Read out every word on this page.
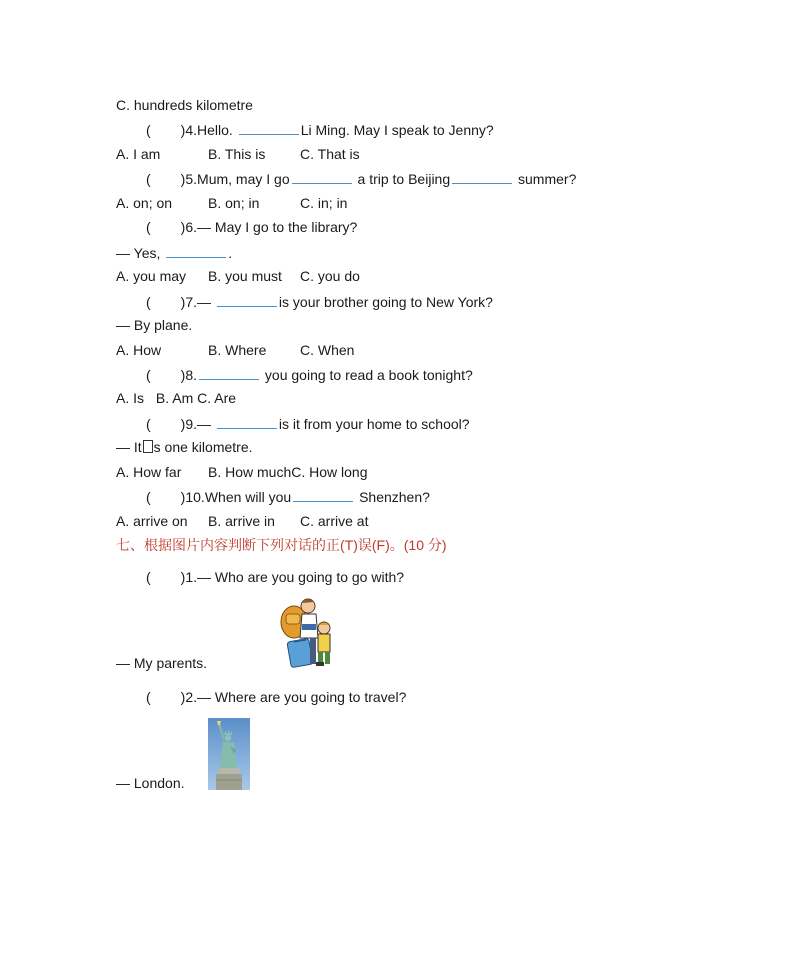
C. hundreds kilometre
( )4.Hello.	Li Ming. May I speak to Jenny?
A. I am	B. This is C. That is
( )5.Mum, may I go	a trip to Beijing	summer?
A. on; on	B. on; in	C. in; in
( )6.— May I go to the library?
— Yes,	.
A. you may B. you must C. you do
( )7.—	is your brother going to New York?
— By plane.
A. How	B. Where C. When
( )8.	you going to read a book tonight?
A. Is B. Am C. Are
( )9.—	is it from your home to school?
— It s one kilometre.
A. How far B. How muchC. How long
( )10.When will you	Shenzhen?
A. arrive on B. arrive in C. arrive at
七、根据图片内容判断下列对话的正(T)误(F)。(10 分)
( )1.— Who are you going to go with?
— My parents.
( )2.— Where are you going to travel?
— London.
